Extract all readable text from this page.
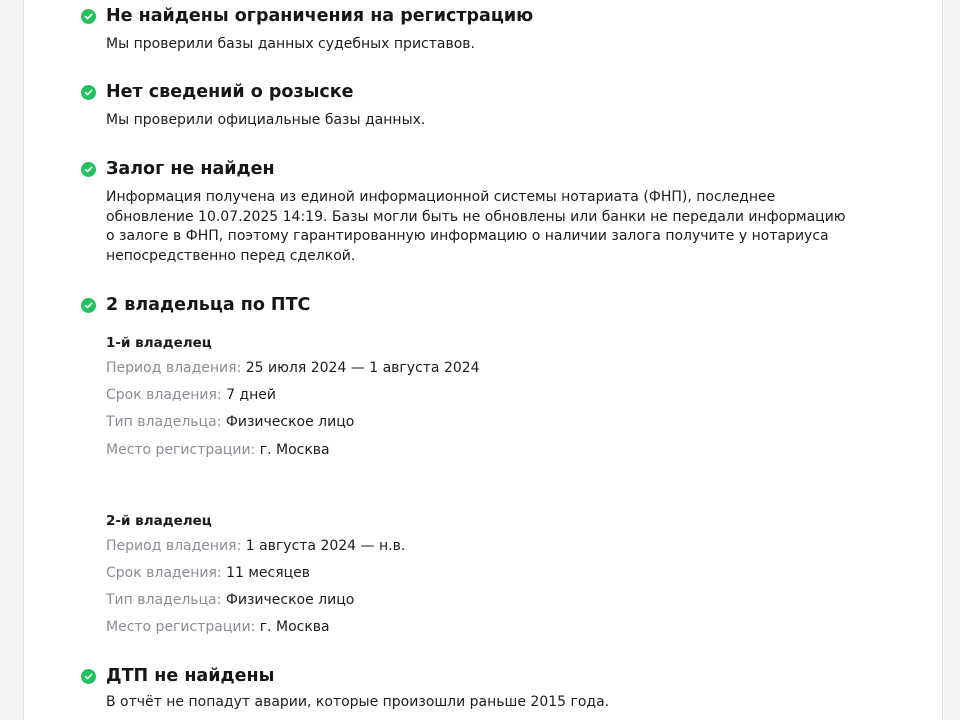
Не найдены ограничения на регистрацию

Мы проверили базы данных судебных приставов.

Нет сведений о розыске

Мы проверили официальные базы данных.

Залог не найден

Информация получена из единой информационной системы нотариата (ФНП), последнее обновление 10.07.2025 14:19. Базы могли быть не обновлены или банки не передали информацию о залоге в ФНП, поэтому гарантированную информацию о наличии залога получите у нотариуса непосредственно перед сделкой.

2 владельца по ПТС
1-й владелец
Период владения: 25 июля 2024 — 1 августа 2024
Срок владения: 7 дней
Тип владельца: Физическое лицо
Место регистрации: г. Москва
2-й владелец
Период владения: 1 августа 2024 — н.в.
Срок владения: 11 месяцев
Тип владельца: Физическое лицо
Место регистрации: г. Москва
ДТП не найдены

В отчёт не попадут аварии, которые произошли раньше 2015 года.
